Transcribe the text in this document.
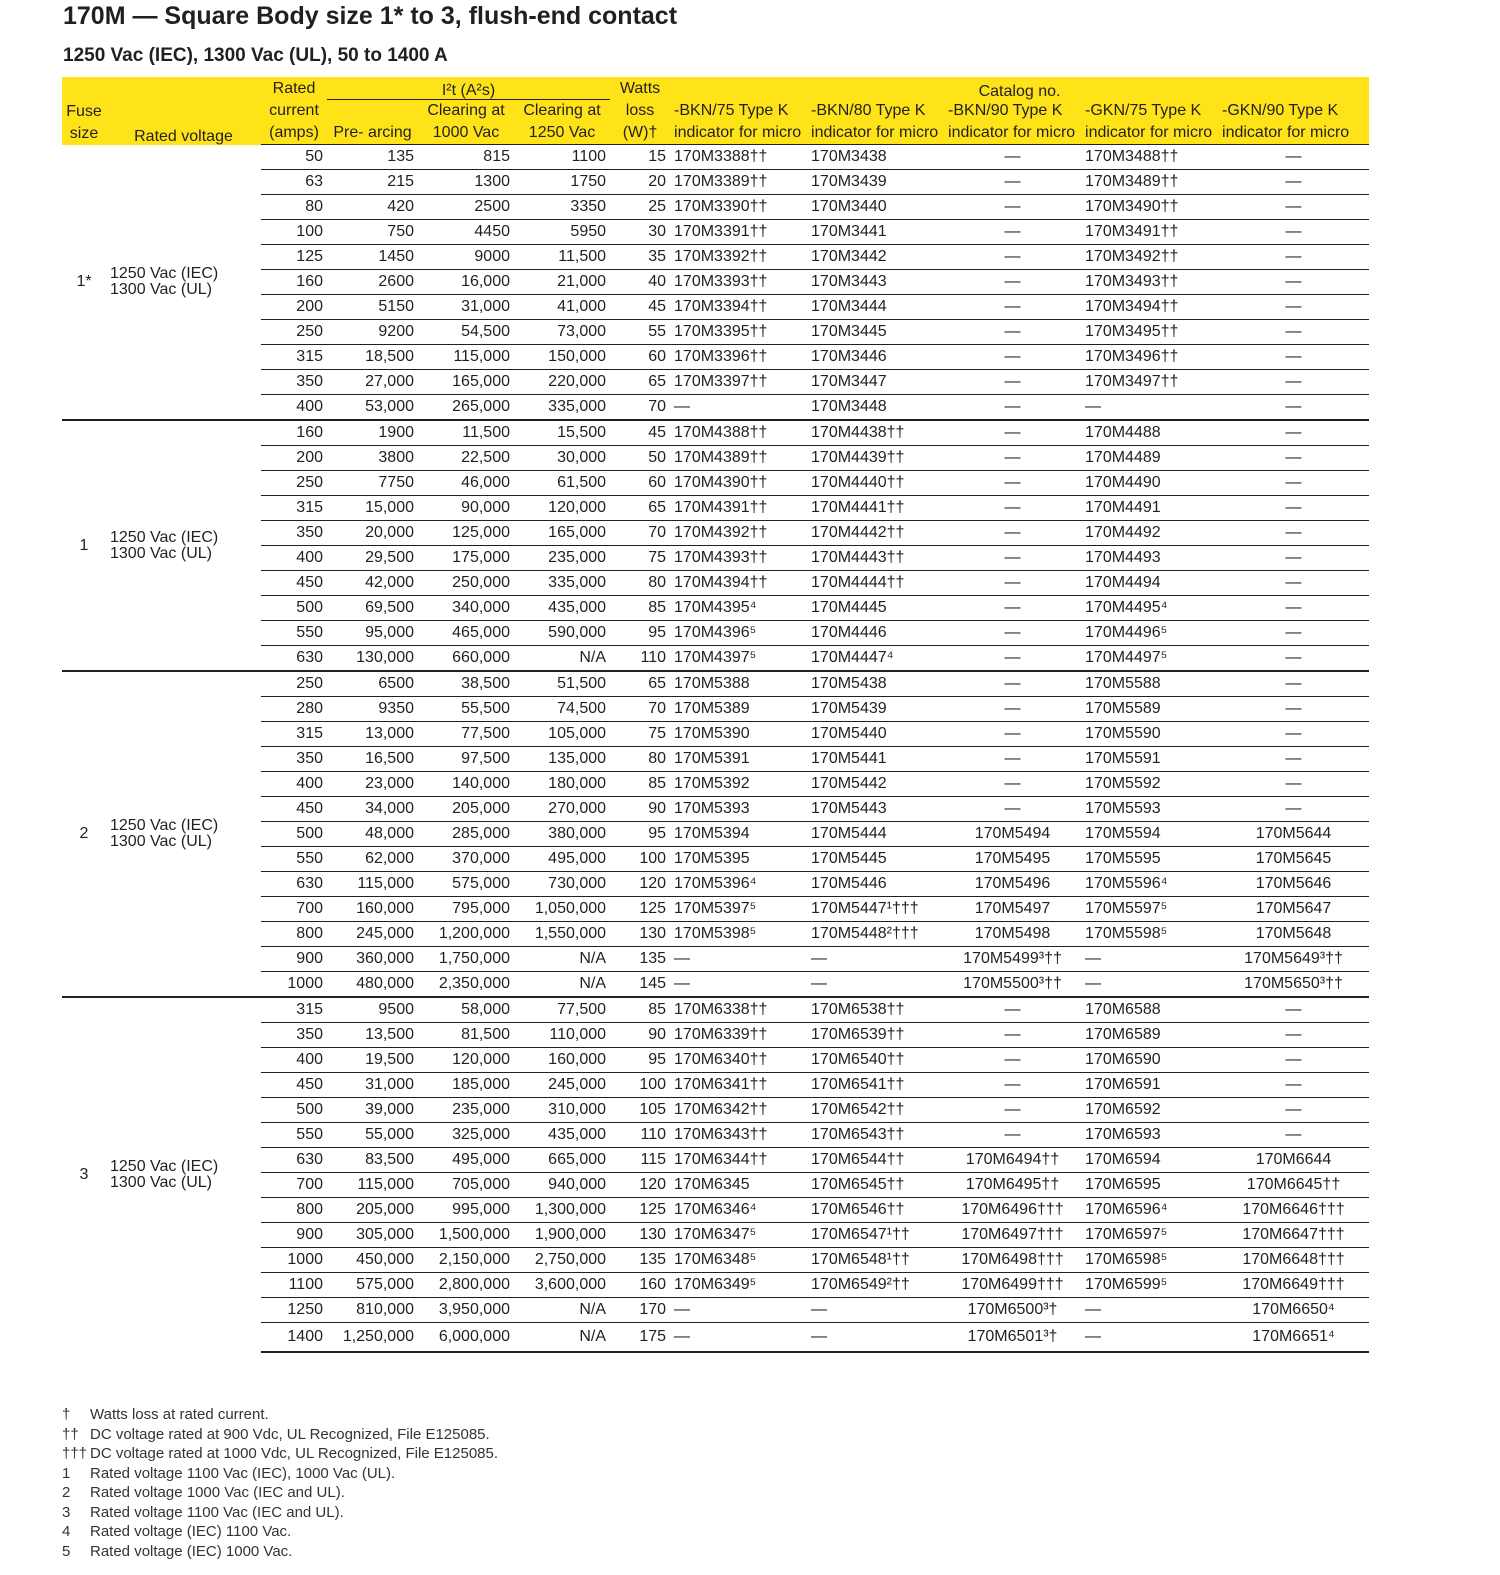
170M — Square Body size 1* to 3, flush-end contact
1250 Vac (IEC), 1300 Vac (UL), 50 to 1400 A
Fuse size	Rated voltage	Rated current (amps)	I²t (A²s)			Watts loss (W)†	Catalog no.				
			Pre- arcing	Clearing at 1000 Vac	Clearing at 1250 Vac		-BKN/75 Type K indicator for micro	-BKN/80 Type K indicator for micro	-BKN/90 Type K indicator for micro	-GKN/75 Type K indicator for micro	-GKN/90 Type K indicator for micro

1*	1250 Vac (IEC)
1300 Vac (UL)	50	135	815	1100	15	170M3388††	170M3438	—	170M3488††	—
		63	215	1300	1750	20	170M3389††	170M3439	—	170M3489††	—
		80	420	2500	3350	25	170M3390††	170M3440	—	170M3490††	—
		100	750	4450	5950	30	170M3391††	170M3441	—	170M3491††	—
		125	1450	9000	11,500	35	170M3392††	170M3442	—	170M3492††	—
		160	2600	16,000	21,000	40	170M3393††	170M3443	—	170M3493††	—
		200	5150	31,000	41,000	45	170M3394††	170M3444	—	170M3494††	—
		250	9200	54,500	73,000	55	170M3395††	170M3445	—	170M3495††	—
		315	18,500	115,000	150,000	60	170M3396††	170M3446	—	170M3496††	—
		350	27,000	165,000	220,000	65	170M3397††	170M3447	—	170M3497††	—
		400	53,000	265,000	335,000	70	—	170M3448	—	—	—
1	1250 Vac (IEC)
1300 Vac (UL)	160	1900	11,500	15,500	45	170M4388††	170M4438††	—	170M4488	—
		200	3800	22,500	30,000	50	170M4389††	170M4439††	—	170M4489	—
		250	7750	46,000	61,500	60	170M4390††	170M4440††	—	170M4490	—
		315	15,000	90,000	120,000	65	170M4391††	170M4441††	—	170M4491	—
		350	20,000	125,000	165,000	70	170M4392††	170M4442††	—	170M4492	—
		400	29,500	175,000	235,000	75	170M4393††	170M4443††	—	170M4493	—
		450	42,000	250,000	335,000	80	170M4394††	170M4444††	—	170M4494	—
		500	69,500	340,000	435,000	85	170M4395⁴	170M4445	—	170M4495⁴	—
		550	95,000	465,000	590,000	95	170M4396⁵	170M4446	—	170M4496⁵	—
		630	130,000	660,000	N/A	110	170M4397⁵	170M4447⁴	—	170M4497⁵	—
2	1250 Vac (IEC)
1300 Vac (UL)	250	6500	38,500	51,500	65	170M5388	170M5438	—	170M5588	—
		280	9350	55,500	74,500	70	170M5389	170M5439	—	170M5589	—
		315	13,000	77,500	105,000	75	170M5390	170M5440	—	170M5590	—
		350	16,500	97,500	135,000	80	170M5391	170M5441	—	170M5591	—
		400	23,000	140,000	180,000	85	170M5392	170M5442	—	170M5592	—
		450	34,000	205,000	270,000	90	170M5393	170M5443	—	170M5593	—
		500	48,000	285,000	380,000	95	170M5394	170M5444	170M5494	170M5594	170M5644
		550	62,000	370,000	495,000	100	170M5395	170M5445	170M5495	170M5595	170M5645
		630	115,000	575,000	730,000	120	170M5396⁴	170M5446	170M5496	170M5596⁴	170M5646
		700	160,000	795,000	1,050,000	125	170M5397⁵	170M5447¹†††	170M5497	170M5597⁵	170M5647
		800	245,000	1,200,000	1,550,000	130	170M5398⁵	170M5448²†††	170M5498	170M5598⁵	170M5648
		900	360,000	1,750,000	N/A	135	—	—	170M5499³††	—	170M5649³††
		1000	480,000	2,350,000	N/A	145	—	—	170M5500³††	—	170M5650³††
3	1250 Vac (IEC)
1300 Vac (UL)	315	9500	58,000	77,500	85	170M6338††	170M6538††	—	170M6588	—
		350	13,500	81,500	110,000	90	170M6339††	170M6539††	—	170M6589	—
		400	19,500	120,000	160,000	95	170M6340††	170M6540††	—	170M6590	—
		450	31,000	185,000	245,000	100	170M6341††	170M6541††	—	170M6591	—
		500	39,000	235,000	310,000	105	170M6342††	170M6542††	—	170M6592	—
		550	55,000	325,000	435,000	110	170M6343††	170M6543††	—	170M6593	—
		630	83,500	495,000	665,000	115	170M6344††	170M6544††	170M6494††	170M6594	170M6644
		700	115,000	705,000	940,000	120	170M6345	170M6545††	170M6495††	170M6595	170M6645††
		800	205,000	995,000	1,300,000	125	170M6346⁴	170M6546††	170M6496†††	170M6596⁴	170M6646†††
		900	305,000	1,500,000	1,900,000	130	170M6347⁵	170M6547¹††	170M6497†††	170M6597⁵	170M6647†††
		1000	450,000	2,150,000	2,750,000	135	170M6348⁵	170M6548¹††	170M6498†††	170M6598⁵	170M6648†††
		1100	575,000	2,800,000	3,600,000	160	170M6349⁵	170M6549²††	170M6499†††	170M6599⁵	170M6649†††
		1250	810,000	3,950,000	N/A	170	—	—	170M6500³†	—	170M6650⁴
		1400	1,250,000	6,000,000	N/A	175	—	—	170M6501³†	—	170M6651⁴
†	Watts loss at rated current.
†† DC voltage rated at 900 Vdc, UL Recognized, File E125085.
††† DC voltage rated at 1000 Vdc, UL Recognized, File E125085.
1	Rated voltage 1100 Vac (IEC), 1000 Vac (UL).
2	Rated voltage 1000 Vac (IEC and UL).
3	Rated voltage 1100 Vac (IEC and UL).
4	Rated voltage (IEC) 1100 Vac.
5	Rated voltage (IEC) 1000 Vac.
